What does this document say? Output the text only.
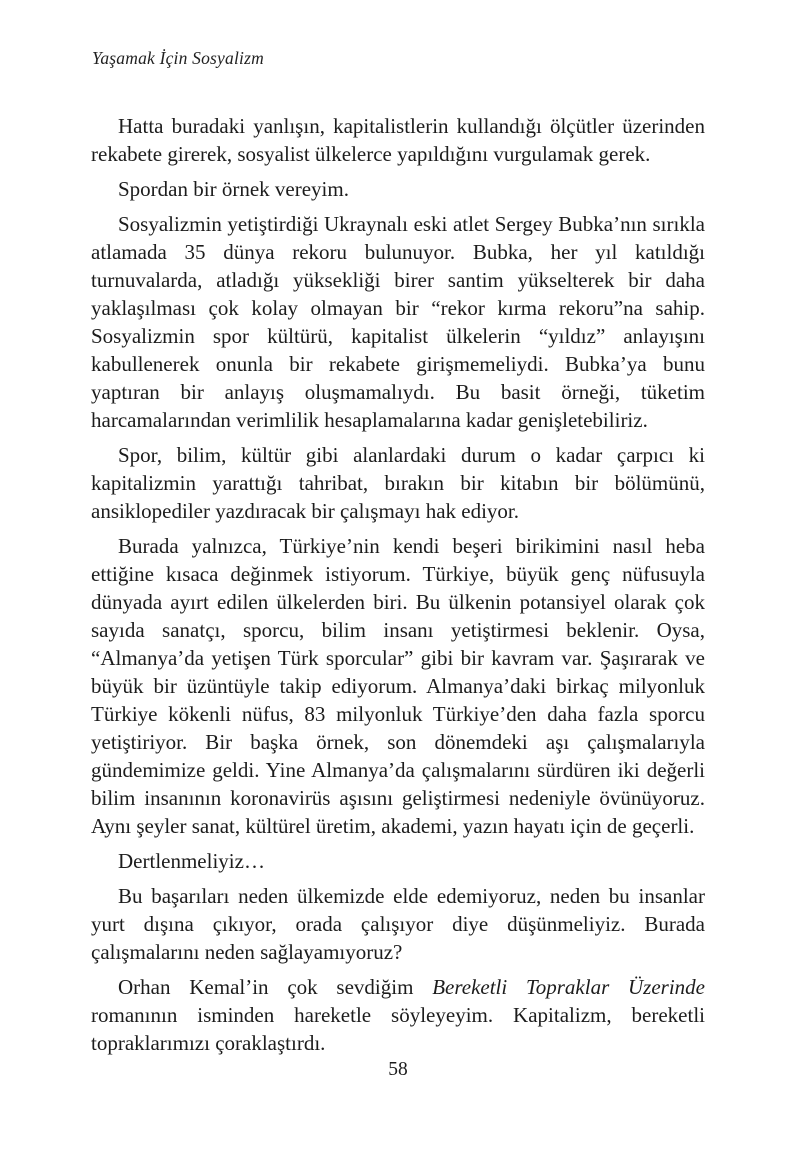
Yaşamak İçin Sosyalizm

Hatta buradaki yanlışın, kapitalistlerin kullandığı ölçütler üzerinden rekabete girerek, sosyalist ülkelerce yapıldığını vurgulamak gerek.

Spordan bir örnek vereyim.

Sosyalizmin yetiştirdiği Ukraynalı eski atlet Sergey Bubka’nın sırıkla atlamada 35 dünya rekoru bulunuyor. Bubka, her yıl katıldığı turnuvalarda, atladığı yüksekliği birer santim yükselterek bir daha yaklaşılması çok kolay olmayan bir “rekor kırma rekoru”na sahip. Sosyalizmin spor kültürü, kapitalist ülkelerin “yıldız” anlayışını kabullenerek onunla bir rekabete girişmemeliydi. Bubka’ya bunu yaptıran bir anlayış oluşmamalıydı. Bu basit örneği, tüketim harcamalarından verimlilik hesaplamalarına kadar genişletebiliriz.

Spor, bilim, kültür gibi alanlardaki durum o kadar çarpıcı ki kapitalizmin yarattığı tahribat, bırakın bir kitabın bir bölümünü, ansiklopediler yazdıracak bir çalışmayı hak ediyor.

Burada yalnızca, Türkiye’nin kendi beşeri birikimini nasıl heba ettiğine kısaca değinmek istiyorum. Türkiye, büyük genç nüfusuyla dünyada ayırt edilen ülkelerden biri. Bu ülkenin potansiyel olarak çok sayıda sanatçı, sporcu, bilim insanı yetiştirmesi beklenir. Oysa, “Almanya’da yetişen Türk sporcular” gibi bir kavram var. Şaşırarak ve büyük bir üzüntüyle takip ediyorum. Almanya’daki birkaç milyonluk Türkiye kökenli nüfus, 83 milyonluk Türkiye’den daha fazla sporcu yetiştiriyor. Bir başka örnek, son dönemdeki aşı çalışmalarıyla gündemimize geldi. Yine Almanya’da çalışmalarını sürdüren iki değerli bilim insanının koronavirüs aşısını geliştirmesi nedeniyle övünüyoruz. Aynı şeyler sanat, kültürel üretim, akademi, yazın hayatı için de geçerli.

Dertlenmeliyiz…

Bu başarıları neden ülkemizde elde edemiyoruz, neden bu insanlar yurt dışına çıkıyor, orada çalışıyor diye düşünmeliyiz. Burada çalışmalarını neden sağlayamıyoruz?

Orhan Kemal’in çok sevdiğim Bereketli Topraklar Üzerinde romanının isminden hareketle söyleyeyim. Kapitalizm, bereketli topraklarımızı çoraklaştırdı.

58
